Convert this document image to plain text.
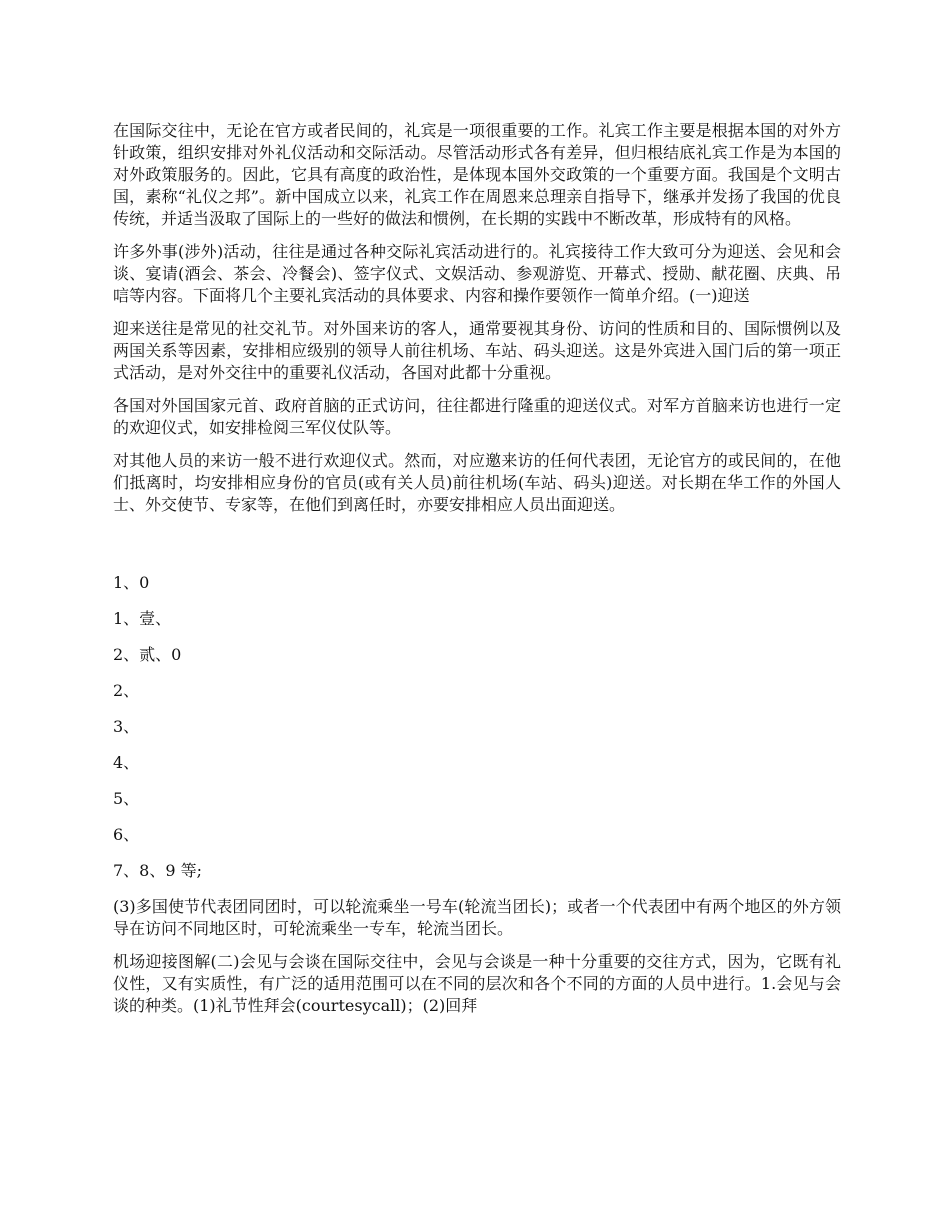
在国际交往中，无论在官方或者民间的，礼宾是一项很重要的工作。礼宾工作主要是根据本国的对外方针政策，组织安排对外礼仪活动和交际活动。尽管活动形式各有差异，但归根结底礼宾工作是为本国的对外政策服务的。因此，它具有高度的政治性，是体现本国外交政策的一个重要方面。我国是个文明古国，素称“礼仪之邦”。新中国成立以来，礼宾工作在周恩来总理亲自指导下，继承并发扬了我国的优良传统，并适当汲取了国际上的一些好的做法和惯例，在长期的实践中不断改革，形成特有的风格。

许多外事(涉外)活动，往往是通过各种交际礼宾活动进行的。礼宾接待工作大致可分为迎送、会见和会谈、宴请(酒会、茶会、冷餐会)、签字仪式、文娱活动、参观游览、开幕式、授勋、献花圈、庆典、吊唁等内容。下面将几个主要礼宾活动的具体要求、内容和操作要领作一简单介绍。(一)迎送

迎来送往是常见的社交礼节。对外国来访的客人，通常要视其身份、访问的性质和目的、国际惯例以及两国关系等因素，安排相应级别的领导人前往机场、车站、码头迎送。这是外宾进入国门后的第一项正式活动，是对外交往中的重要礼仪活动，各国对此都十分重视。

各国对外国国家元首、政府首脑的正式访问，往往都进行隆重的迎送仪式。对军方首脑来访也进行一定的欢迎仪式，如安排检阅三军仪仗队等。

对其他人员的来访一般不进行欢迎仪式。然而，对应邀来访的任何代表团，无论官方的或民间的，在他们抵离时，均安排相应身份的官员(或有关人员)前往机场(车站、码头)迎送。对长期在华工作的外国人士、外交使节、专家等，在他们到离任时，亦要安排相应人员出面迎送。

1、0

1、壹、

2、贰、0

2、

3、

4、

5、

6、

7、8、9 等;

(3)多国使节代表团同团时，可以轮流乘坐一号车(轮流当团长)；或者一个代表团中有两个地区的外方领导在访问不同地区时，可轮流乘坐一专车，轮流当团长。

机场迎接图解(二)会见与会谈在国际交往中，会见与会谈是一种十分重要的交往方式，因为，它既有礼仪性，又有实质性，有广泛的适用范围可以在不同的层次和各个不同的方面的人员中进行。1.会见与会谈的种类。(1)礼节性拜会(courtesycall)；(2)回拜
